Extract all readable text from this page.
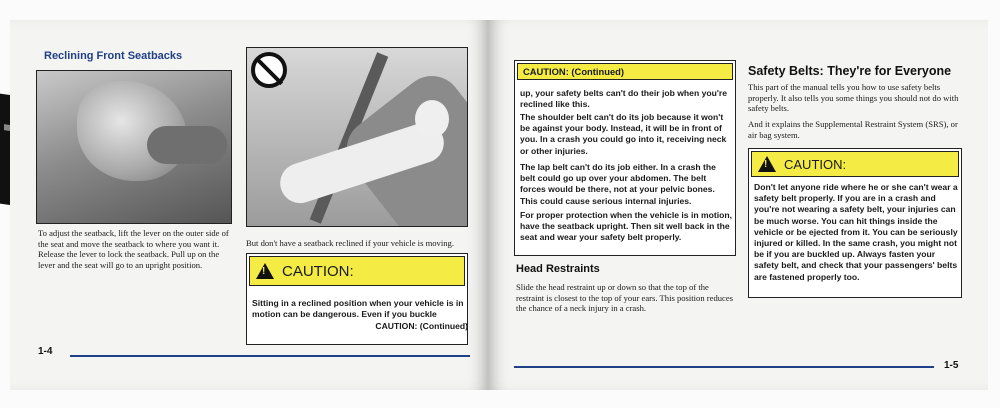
Reclining Front Seatbacks
To adjust the seatback, lift the lever on the outer side of the seat and move the seatback to where you want it. Release the lever to lock the seatback. Pull up on the lever and the seat will go to an upright position.
But don't have a seatback reclined if your vehicle is moving.
!
CAUTION:
Sitting in a reclined position when your vehicle is in motion can be dangerous. Even if you buckle
CAUTION: (Continued)
1-4
CAUTION: (Continued)
up, your safety belts can't do their job when you're reclined like this.
The shoulder belt can't do its job because it won't be against your body. Instead, it will be in front of you. In a crash you could go into it, receiving neck or other injuries.
The lap belt can't do its job either. In a crash the belt could go up over your abdomen. The belt forces would be there, not at your pelvic bones. This could cause serious internal injuries.
For proper protection when the vehicle is in motion, have the seatback upright. Then sit well back in the seat and wear your safety belt properly.
Head Restraints
Slide the head restraint up or down so that the top of the restraint is closest to the top of your ears. This position reduces the chance of a neck injury in a crash.
Safety Belts: They're for Everyone
This part of the manual tells you how to use safety belts properly. It also tells you some things you should not do with safety belts.
And it explains the Supplemental Restraint System (SRS), or air bag system.
!
CAUTION:
Don't let anyone ride where he or she can't wear a safety belt properly. If you are in a crash and you're not wearing a safety belt, your injuries can be much worse. You can hit things inside the vehicle or be ejected from it. You can be seriously injured or killed. In the same crash, you might not be if you are buckled up. Always fasten your safety belt, and check that your passengers' belts are fastened properly too.
1-5
